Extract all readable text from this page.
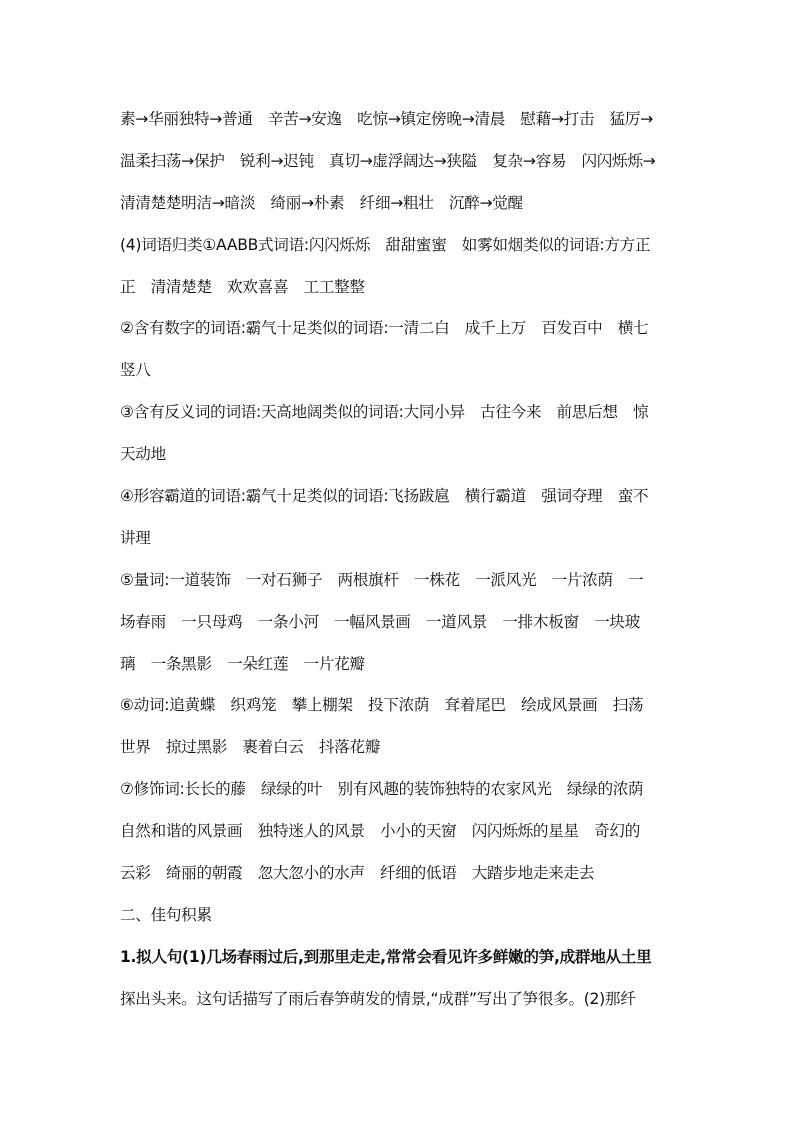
素→华丽独特→普通　辛苦→安逸　吃惊→镇定傍晚→清晨　慰藉→打击　猛厉→
温柔扫荡→保护　锐利→迟钝　真切→虚浮阔达→狭隘　复杂→容易　闪闪烁烁→
清清楚楚明洁→暗淡　绮丽→朴素　纤细→粗壮　沉醉→觉醒
(4)词语归类①AABB式词语:闪闪烁烁　甜甜蜜蜜　如雾如烟类似的词语:方方正
正　清清楚楚　欢欢喜喜　工工整整
②含有数字的词语:霸气十足类似的词语:一清二白　成千上万　百发百中　横七
竖八
③含有反义词的词语:天高地阔类似的词语:大同小异　古往今来　前思后想　惊
天动地
④形容霸道的词语:霸气十足类似的词语:飞扬跋扈　横行霸道　强词夺理　蛮不
讲理
⑤量词:一道装饰　一对石狮子　两根旗杆　一株花　一派风光　一片浓荫　一
场春雨　一只母鸡　一条小河　一幅风景画　一道风景　一排木板窗　一块玻
璃　一条黑影　一朵红莲　一片花瓣
⑥动词:追黄蝶　织鸡笼　攀上棚架　投下浓荫　耷着尾巴　绘成风景画　扫荡
世界　掠过黑影　裹着白云　抖落花瓣
⑦修饰词:长长的藤　绿绿的叶　别有风趣的装饰独特的农家风光　绿绿的浓荫
自然和谐的风景画　独特迷人的风景　小小的天窗　闪闪烁烁的星星　奇幻的
云彩　绮丽的朝霞　忽大忽小的水声　纤细的低语　大踏步地走来走去
二、佳句积累
1.拟人句(1)几场春雨过后,到那里走走,常常会看见许多鲜嫩的笋,成群地从土里
探出头来。这句话描写了雨后春笋萌发的情景,“成群”写出了笋很多。(2)那纤
